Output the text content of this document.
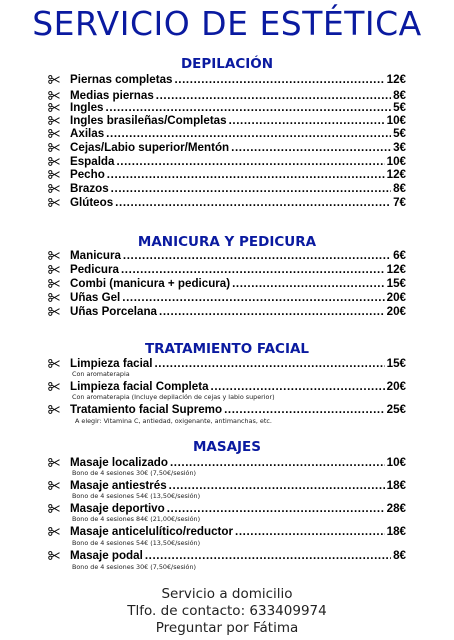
SERVICIO DE ESTÉTICA
DEPILACIÓN
Piernas completas .....	12€
Medias piernas .....	8€
Ingles .....	5€
Ingles brasileñas/Completas .....	10€
Axilas .....	5€
Cejas/Labio superior/Mentón .....	3€
Espalda .....	10€
Pecho .....	12€
Brazos .....	8€
Glúteos .....	7€
MANICURA Y PEDICURA
Manicura .....	6€
Pedicura .....	12€
Combi (manicura + pedicura) .....	15€
Uñas Gel .....	20€
Uñas Porcelana .....	20€
TRATAMIENTO FACIAL
Limpieza facial .....	15€
Con aromaterapia
Limpieza facial Completa .....	20€
Con aromaterapia (Incluye depilación de cejas y labio superior)
Tratamiento facial Supremo .....	25€
A elegir: Vitamina C, antiedad, oxigenante, antimanchas, etc.
MASAJES
Masaje localizado .....	10€
Bono de 4 sesiones 30€ (7,50€/sesión)
Masaje antiestrés .....	18€
Bono de 4 sesiones 54€ (13,50€/sesión)
Masaje deportivo .....	28€
Bono de 4 sesiones 84€ (21,00€/sesión)
Masaje anticelulítico/reductor .....	18€
Bono de 4 sesiones 54€ (13,50€/sesión)
Masaje podal .....	8€
Bono de 4 sesiones 30€ (7,50€/sesión)
Servicio a domicilio
Tlfo. de contacto: 633409974
Preguntar por Fátima
